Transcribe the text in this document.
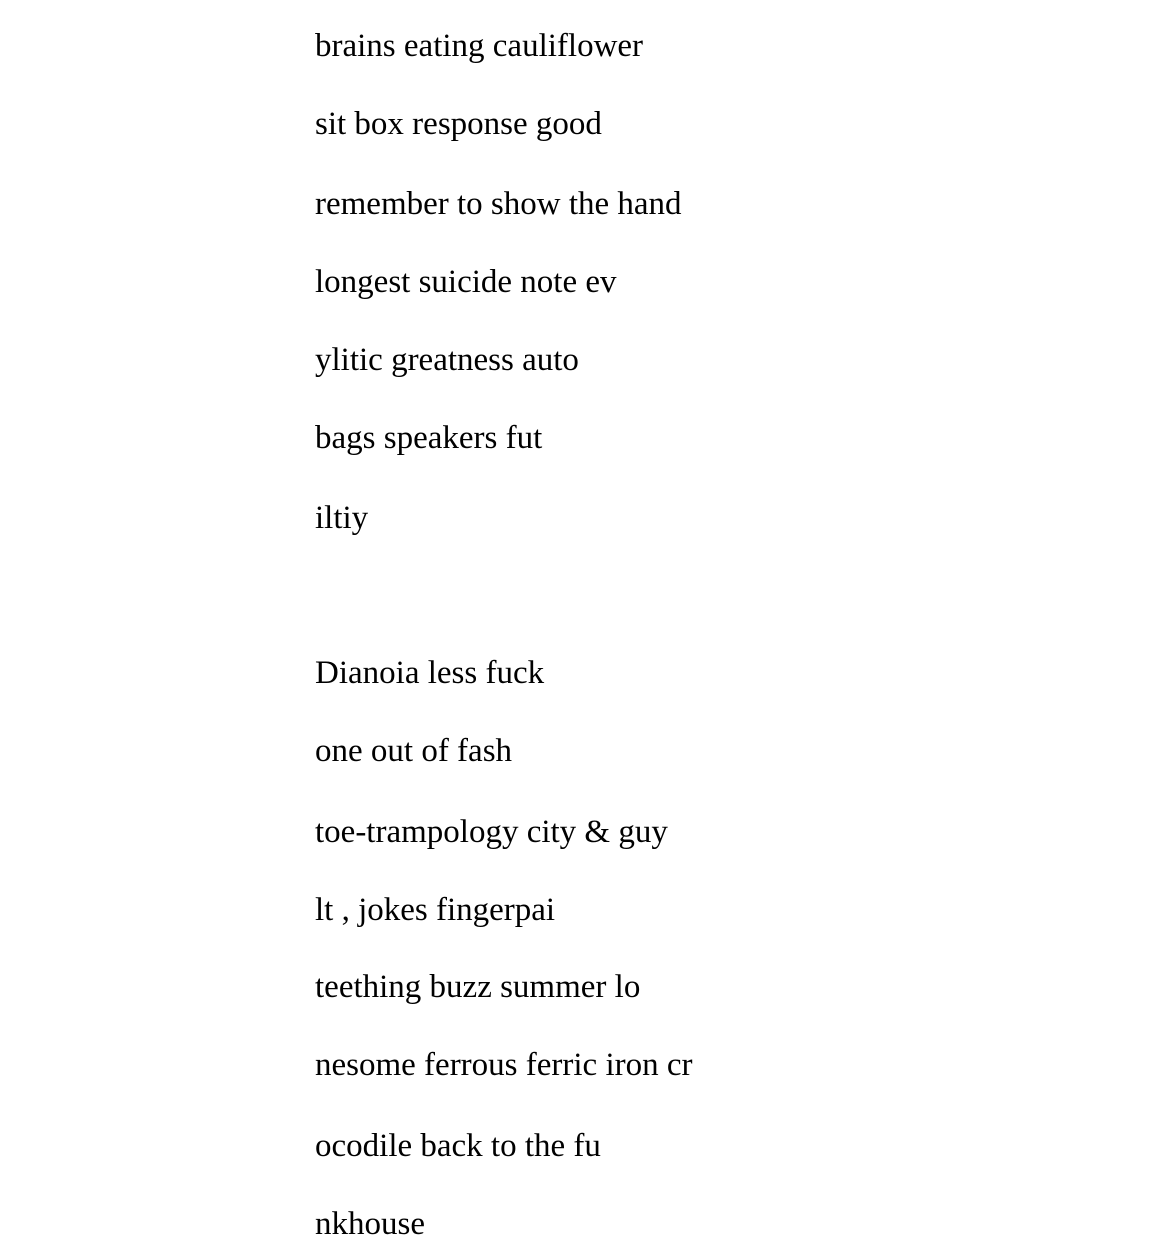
brains eating cauliflower

sit box response good

remember to show the hand

longest suicide note ev

ylitic greatness auto

bags speakers fut

iltiy

Dianoia less fuck

one out of fash

toe-trampology city & guy

lt , jokes fingerpai

teething buzz summer lo

nesome ferrous ferric iron cr

ocodile back to the fu

nkhouse
